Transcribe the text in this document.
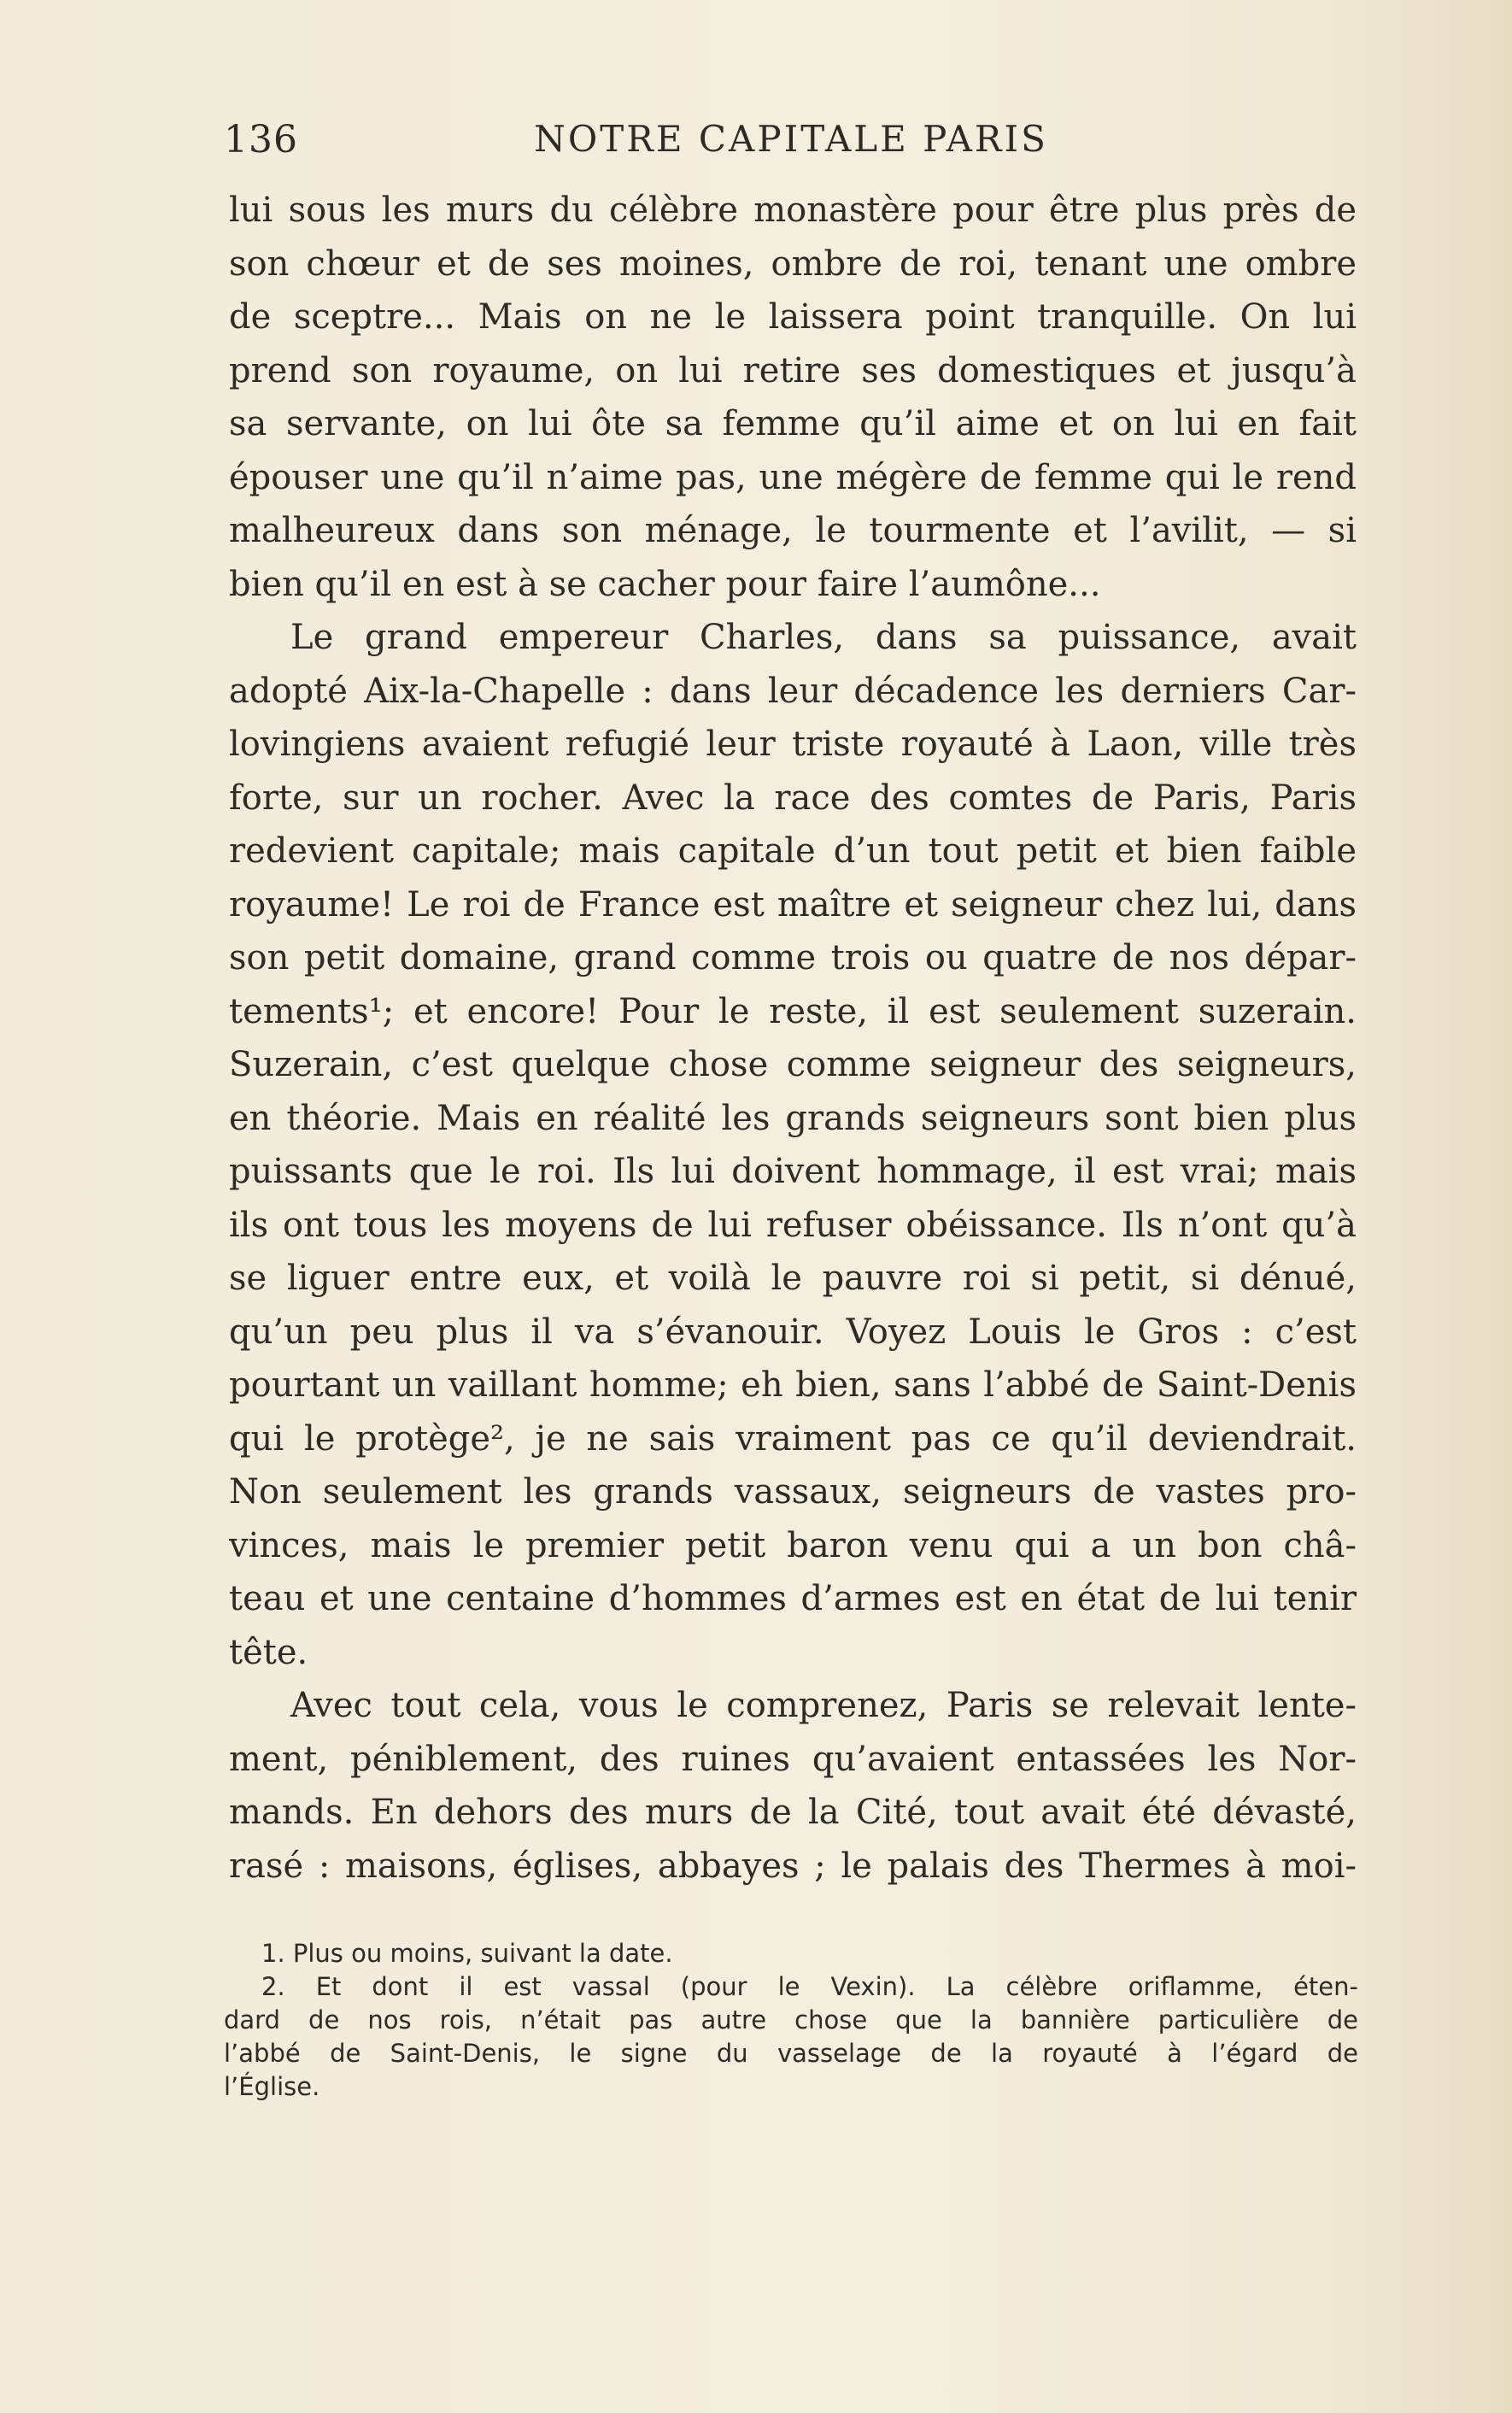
136	NOTRE CAPITALE PARIS
lui sous les murs du célèbre monastère pour être plus près de
son chœur et de ses moines, ombre de roi, tenant une ombre
de sceptre... Mais on ne le laissera point tranquille. On lui
prend son royaume, on lui retire ses domestiques et jusqu’à
sa servante, on lui ôte sa femme qu’il aime et on lui en fait
épouser une qu’il n’aime pas, une mégère de femme qui le rend
malheureux dans son ménage, le tourmente et l’avilit, — si
bien qu’il en est à se cacher pour faire l’aumône...
Le grand empereur Charles, dans sa puissance, avait
adopté Aix-la-Chapelle : dans leur décadence les derniers Car-
lovingiens avaient refugié leur triste royauté à Laon, ville très
forte, sur un rocher. Avec la race des comtes de Paris, Paris
redevient capitale; mais capitale d’un tout petit et bien faible
royaume! Le roi de France est maître et seigneur chez lui, dans
son petit domaine, grand comme trois ou quatre de nos dépar-
tements¹; et encore! Pour le reste, il est seulement suzerain.
Suzerain, c’est quelque chose comme seigneur des seigneurs,
en théorie. Mais en réalité les grands seigneurs sont bien plus
puissants que le roi. Ils lui doivent hommage, il est vrai; mais
ils ont tous les moyens de lui refuser obéissance. Ils n’ont qu’à
se liguer entre eux, et voilà le pauvre roi si petit, si dénué,
qu’un peu plus il va s’évanouir. Voyez Louis le Gros : c’est
pourtant un vaillant homme; eh bien, sans l’abbé de Saint-Denis
qui le protège², je ne sais vraiment pas ce qu’il deviendrait.
Non seulement les grands vassaux, seigneurs de vastes pro-
vinces, mais le premier petit baron venu qui a un bon châ-
teau et une centaine d’hommes d’armes est en état de lui tenir
tête.
Avec tout cela, vous le comprenez, Paris se relevait lente-
ment, péniblement, des ruines qu’avaient entassées les Nor-
mands. En dehors des murs de la Cité, tout avait été dévasté,
rasé : maisons, églises, abbayes ; le palais des Thermes à moi-
1. Plus ou moins, suivant la date.
2. Et dont il est vassal (pour le Vexin). La célèbre oriflamme, éten-
dard de nos rois, n’était pas autre chose que la bannière particulière de
l’abbé de Saint-Denis, le signe du vasselage de la royauté à l’égard de
l’Église.
